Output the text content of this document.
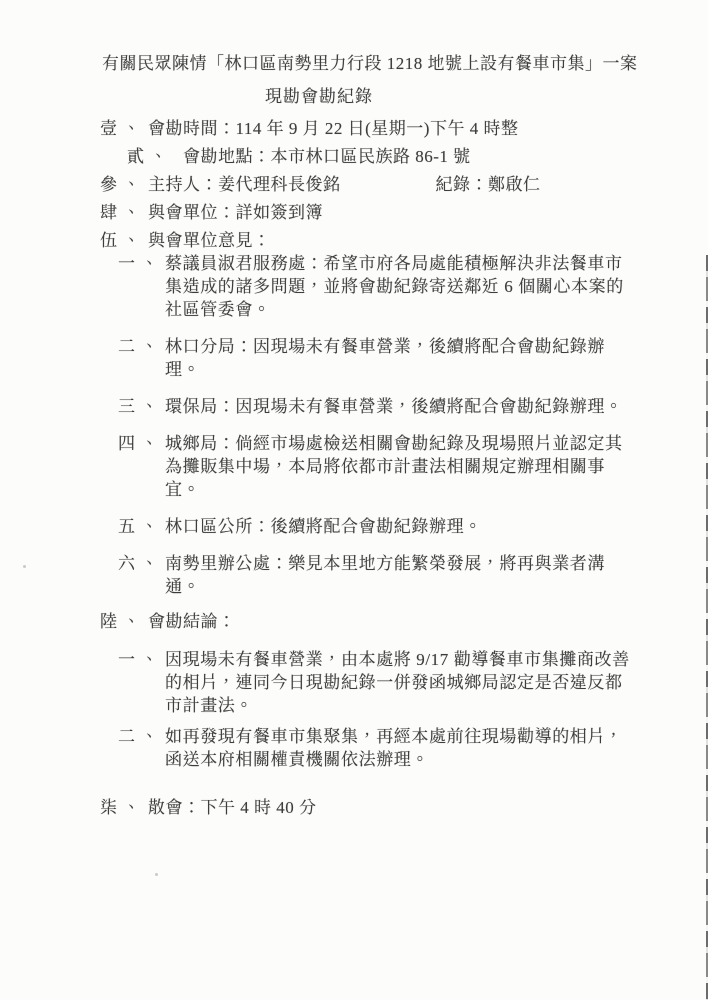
有關民眾陳情「林口區南勢里力行段 1218 地號上設有餐車市集」一案
現勘會勘紀錄
壹、 會勘時間：114 年 9 月 22 日(星期一)下午 4 時整
貳、 會勘地點：本市林口區民族路 86-1 號
參、 主持人：姜代理科長俊銘	紀錄：鄭啟仁
肆、 與會單位：詳如簽到簿
伍、 與會單位意見：
一、 蔡議員淑君服務處：希望市府各局處能積極解決非法餐車市集造成的諸多問題，並將會勘紀錄寄送鄰近 6 個關心本案的社區管委會。
二、 林口分局：因現場未有餐車營業，後續將配合會勘紀錄辦理。
三、 環保局：因現場未有餐車營業，後續將配合會勘紀錄辦理。
四、 城鄉局：倘經市場處檢送相關會勘紀錄及現場照片並認定其為攤販集中場，本局將依都市計畫法相關規定辦理相關事宜。
五、 林口區公所：後續將配合會勘紀錄辦理。
六、 南勢里辦公處：樂見本里地方能繁榮發展，將再與業者溝通。
陸、 會勘結論：
一、 因現場未有餐車營業，由本處將 9/17 勸導餐車市集攤商改善的相片，連同今日現勘紀錄一併發函城鄉局認定是否違反都市計畫法。
二、 如再發現有餐車市集聚集，再經本處前往現場勸導的相片，函送本府相關權責機關依法辦理。
柒、 散會：下午 4 時 40 分
